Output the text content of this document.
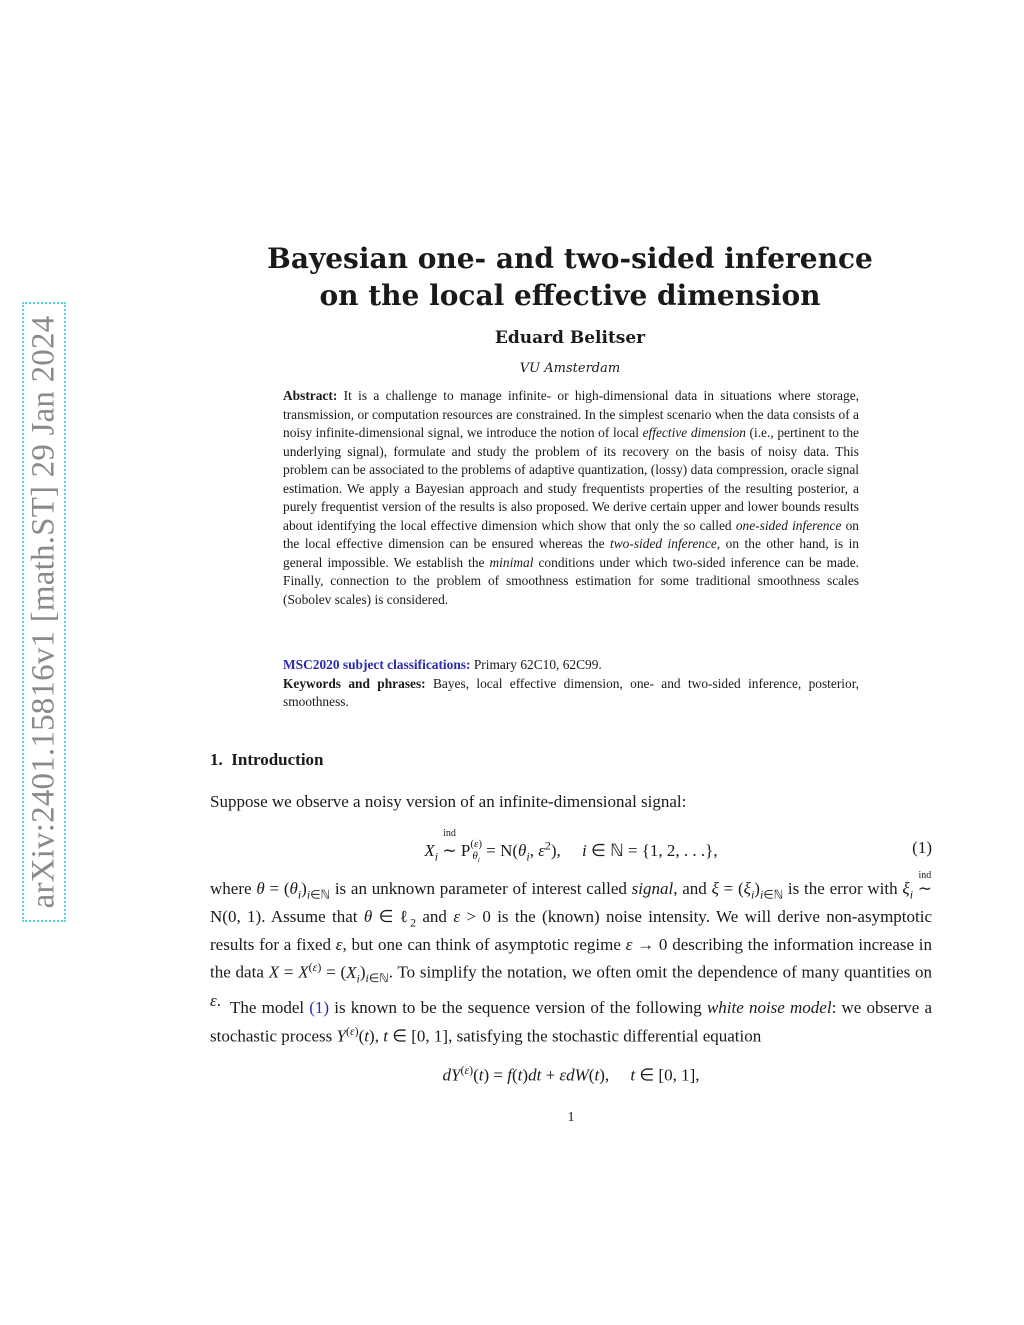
arXiv:2401.15816v1 [math.ST] 29 Jan 2024
Bayesian one- and two-sided inference
on the local effective dimension
Eduard Belitser
VU Amsterdam
Abstract: It is a challenge to manage infinite- or high-dimensional data in situations where storage, transmission, or computation resources are constrained. In the simplest scenario when the data consists of a noisy infinite-dimensional signal, we introduce the notion of local effective dimension (i.e., pertinent to the underlying signal), formulate and study the problem of its recovery on the basis of noisy data. This problem can be associated to the problems of adaptive quantization, (lossy) data compression, oracle signal estimation. We apply a Bayesian approach and study frequentists properties of the resulting posterior, a purely frequentist version of the results is also proposed. We derive certain upper and lower bounds results about identifying the local effective dimension which show that only the so called one-sided inference on the local effective dimension can be ensured whereas the two-sided inference, on the other hand, is in general impossible. We establish the minimal conditions under which two-sided inference can be made. Finally, connection to the problem of smoothness estimation for some traditional smoothness scales (Sobolev scales) is considered.
MSC2020 subject classifications: Primary 62C10, 62C99.
Keywords and phrases: Bayes, local effective dimension, one- and two-sided inference, posterior, smoothness.
1. Introduction
Suppose we observe a noisy version of an infinite-dimensional signal:
$X_i$ ∼
ind
P (ε)
$\theta_i = N(\theta_i$, $\varepsilon^2$),     i ∈ ℕ = {1, 2, . . .},	(1)
where $\theta = (\theta_i)_{i\in ℕ}$ is an unknown parameter of interest called signal, and $\xi = (\xi_i)_{i\in ℕ}$ is the error with $\xi_i$ ∼
ind
N(0, 1). Assume that θ ∈ ℓ$_2$ and ε > 0 is the (known) noise intensity. We will derive non-asymptotic results for a fixed ε, but one can think of asymptotic regime ε → 0 describing the information increase in the data $X = X^{(\varepsilon)} = (X_i)_{i\in ℕ}$. To simplify the notation, we often omit the dependence of many quantities on ε. The model (1) is known to be the sequence version of the following white noise model: we observe a stochastic process $Y^{(\varepsilon)}(t)$, t ∈ [0, 1], satisfying the stochastic differential equation
$dY^{(\varepsilon)}(t) = f(t)dt + \varepsilon dW(t)$,     t ∈ [0, 1],
1
